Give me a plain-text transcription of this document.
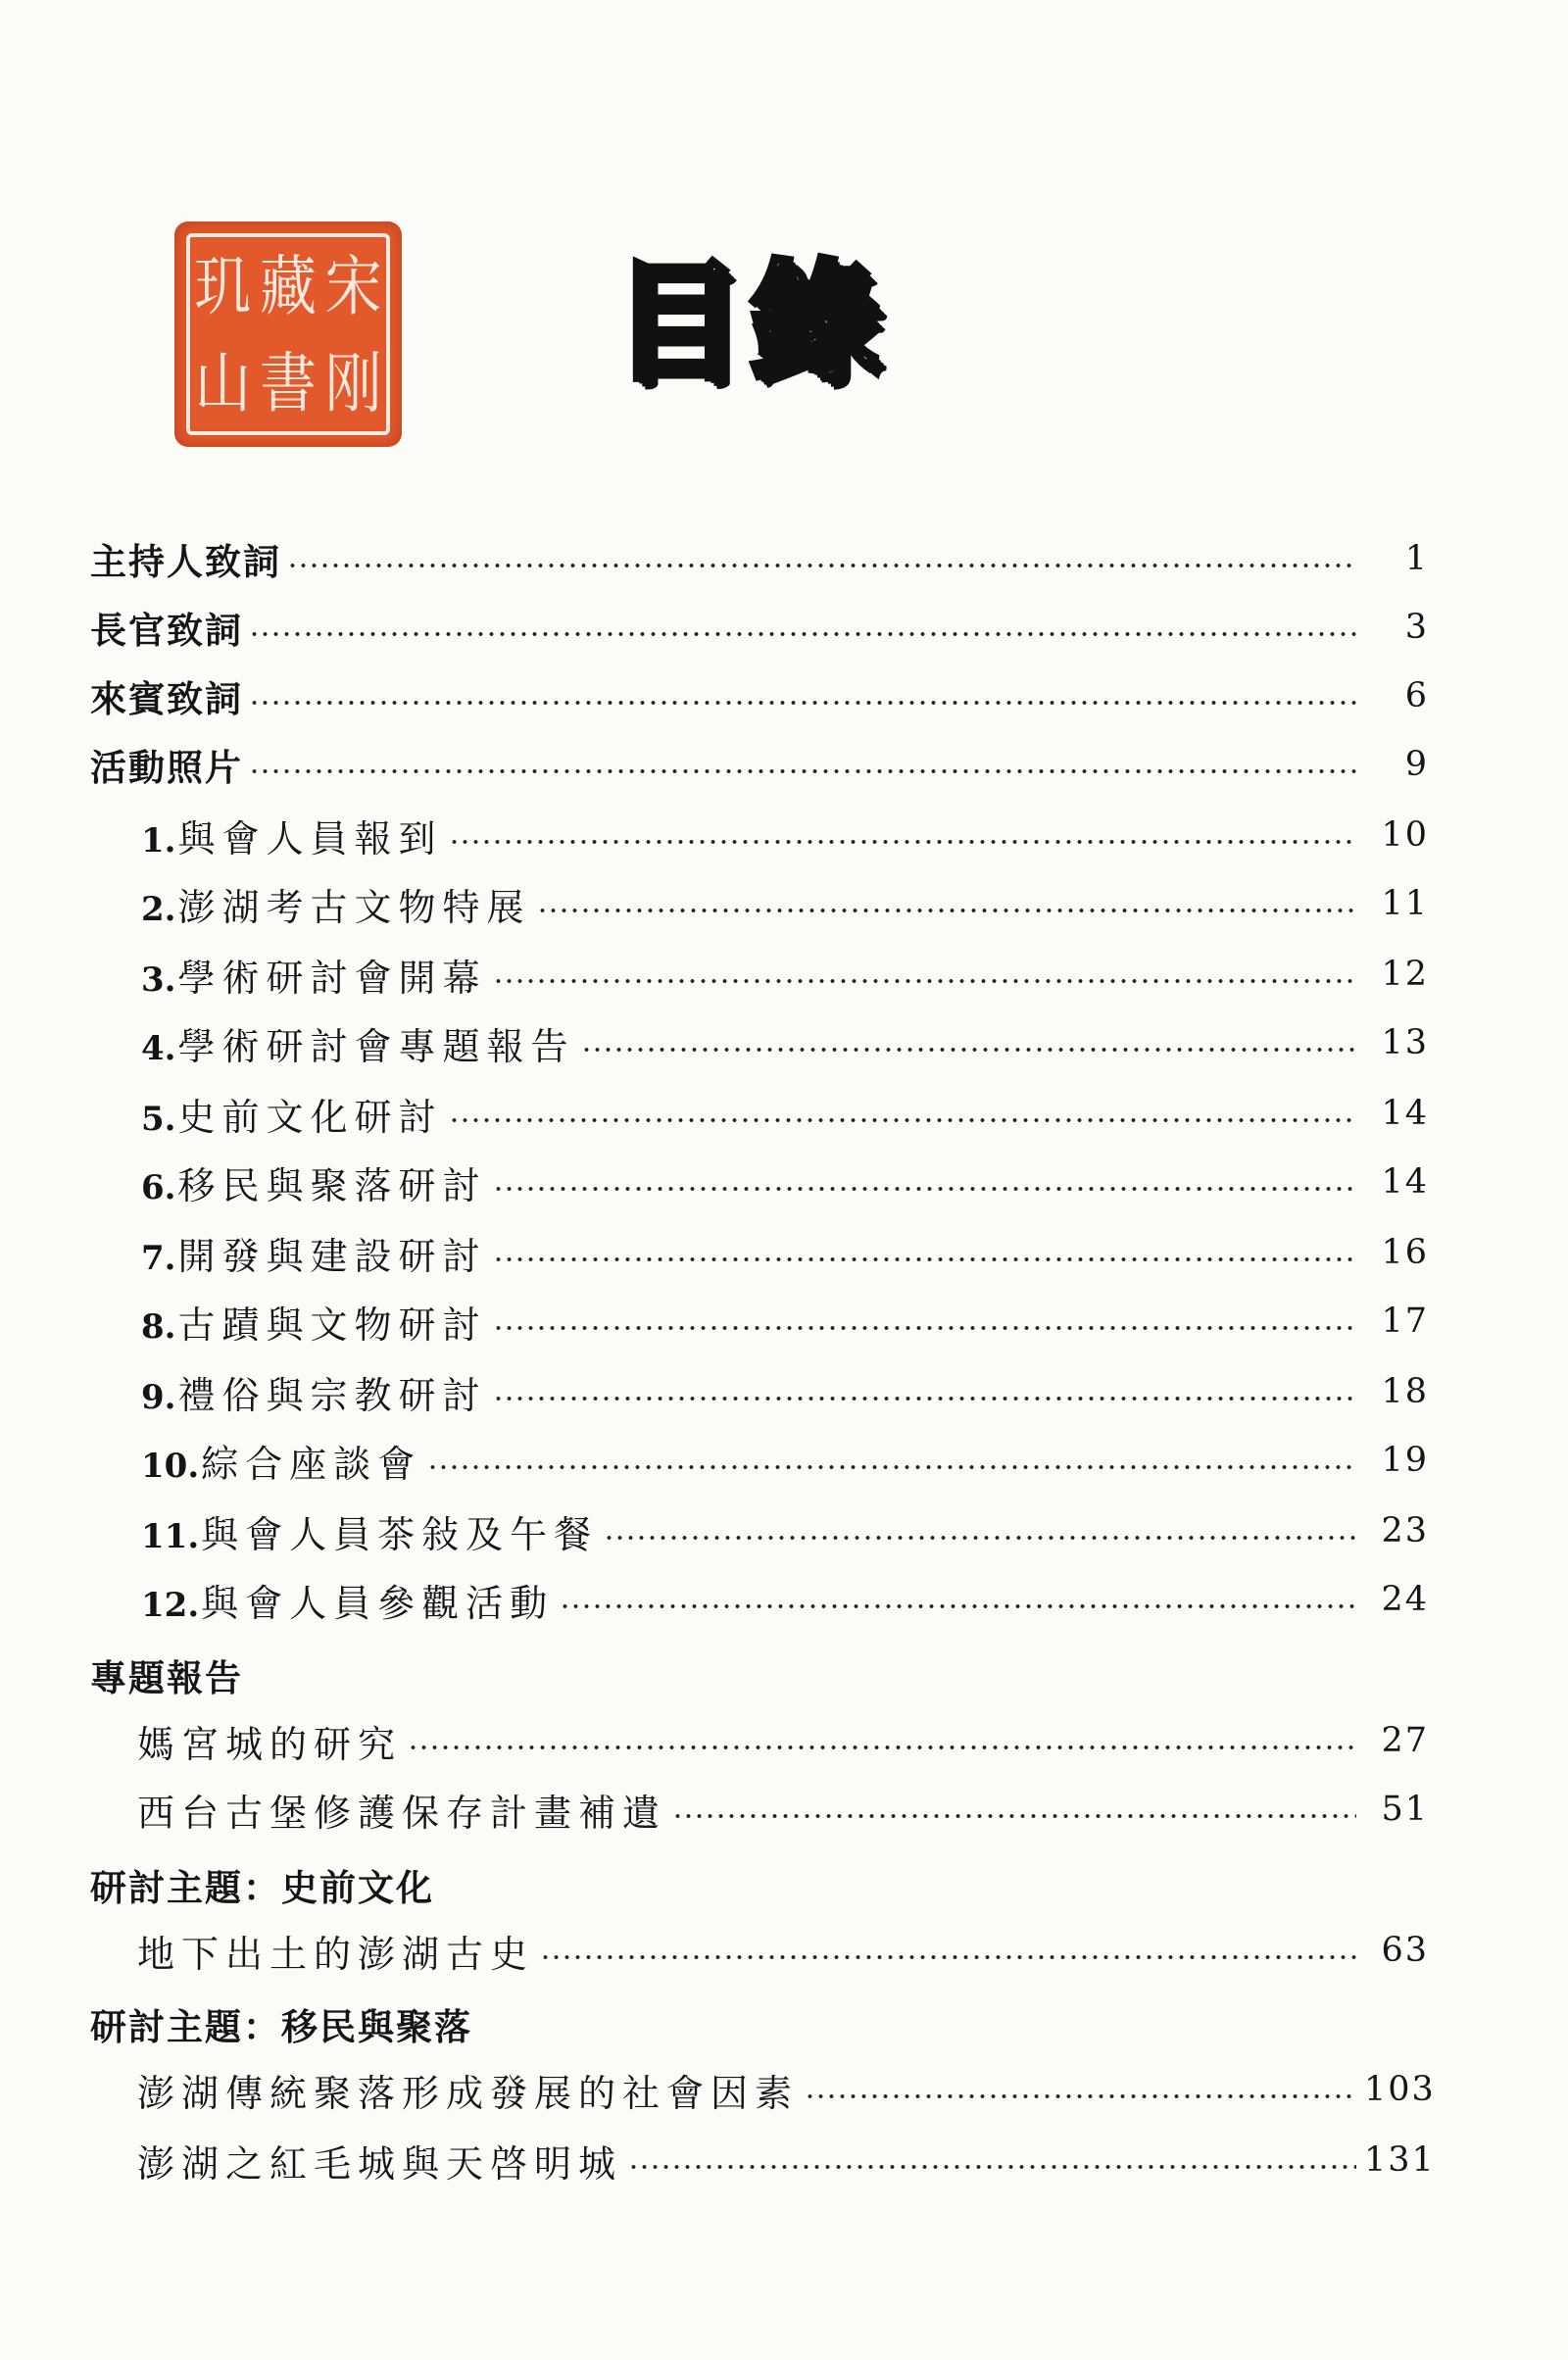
玑 藏 宋
山 書 刚 目錄
主持人致詞	1
長官致詞	3
來賓致詞	6
活動照片	9
1.與會人員報到	10
2.澎湖考古文物特展	11
3.學術研討會開幕	12
4.學術研討會專題報告	13
5.史前文化研討	14
6.移民與聚落研討	14
7.開發與建設研討	16
8.古蹟與文物研討	17
9.禮俗與宗教研討	18
10.綜合座談會	19
11.與會人員茶敍及午餐	23
12.與會人員參觀活動	24
專題報告
媽宮城的研究	27
西台古堡修護保存計畫補遺	51
研討主題：史前文化
地下出土的澎湖古史	63
研討主題：移民與聚落
澎湖傳統聚落形成發展的社會因素	103
澎湖之紅毛城與天啓明城	131
